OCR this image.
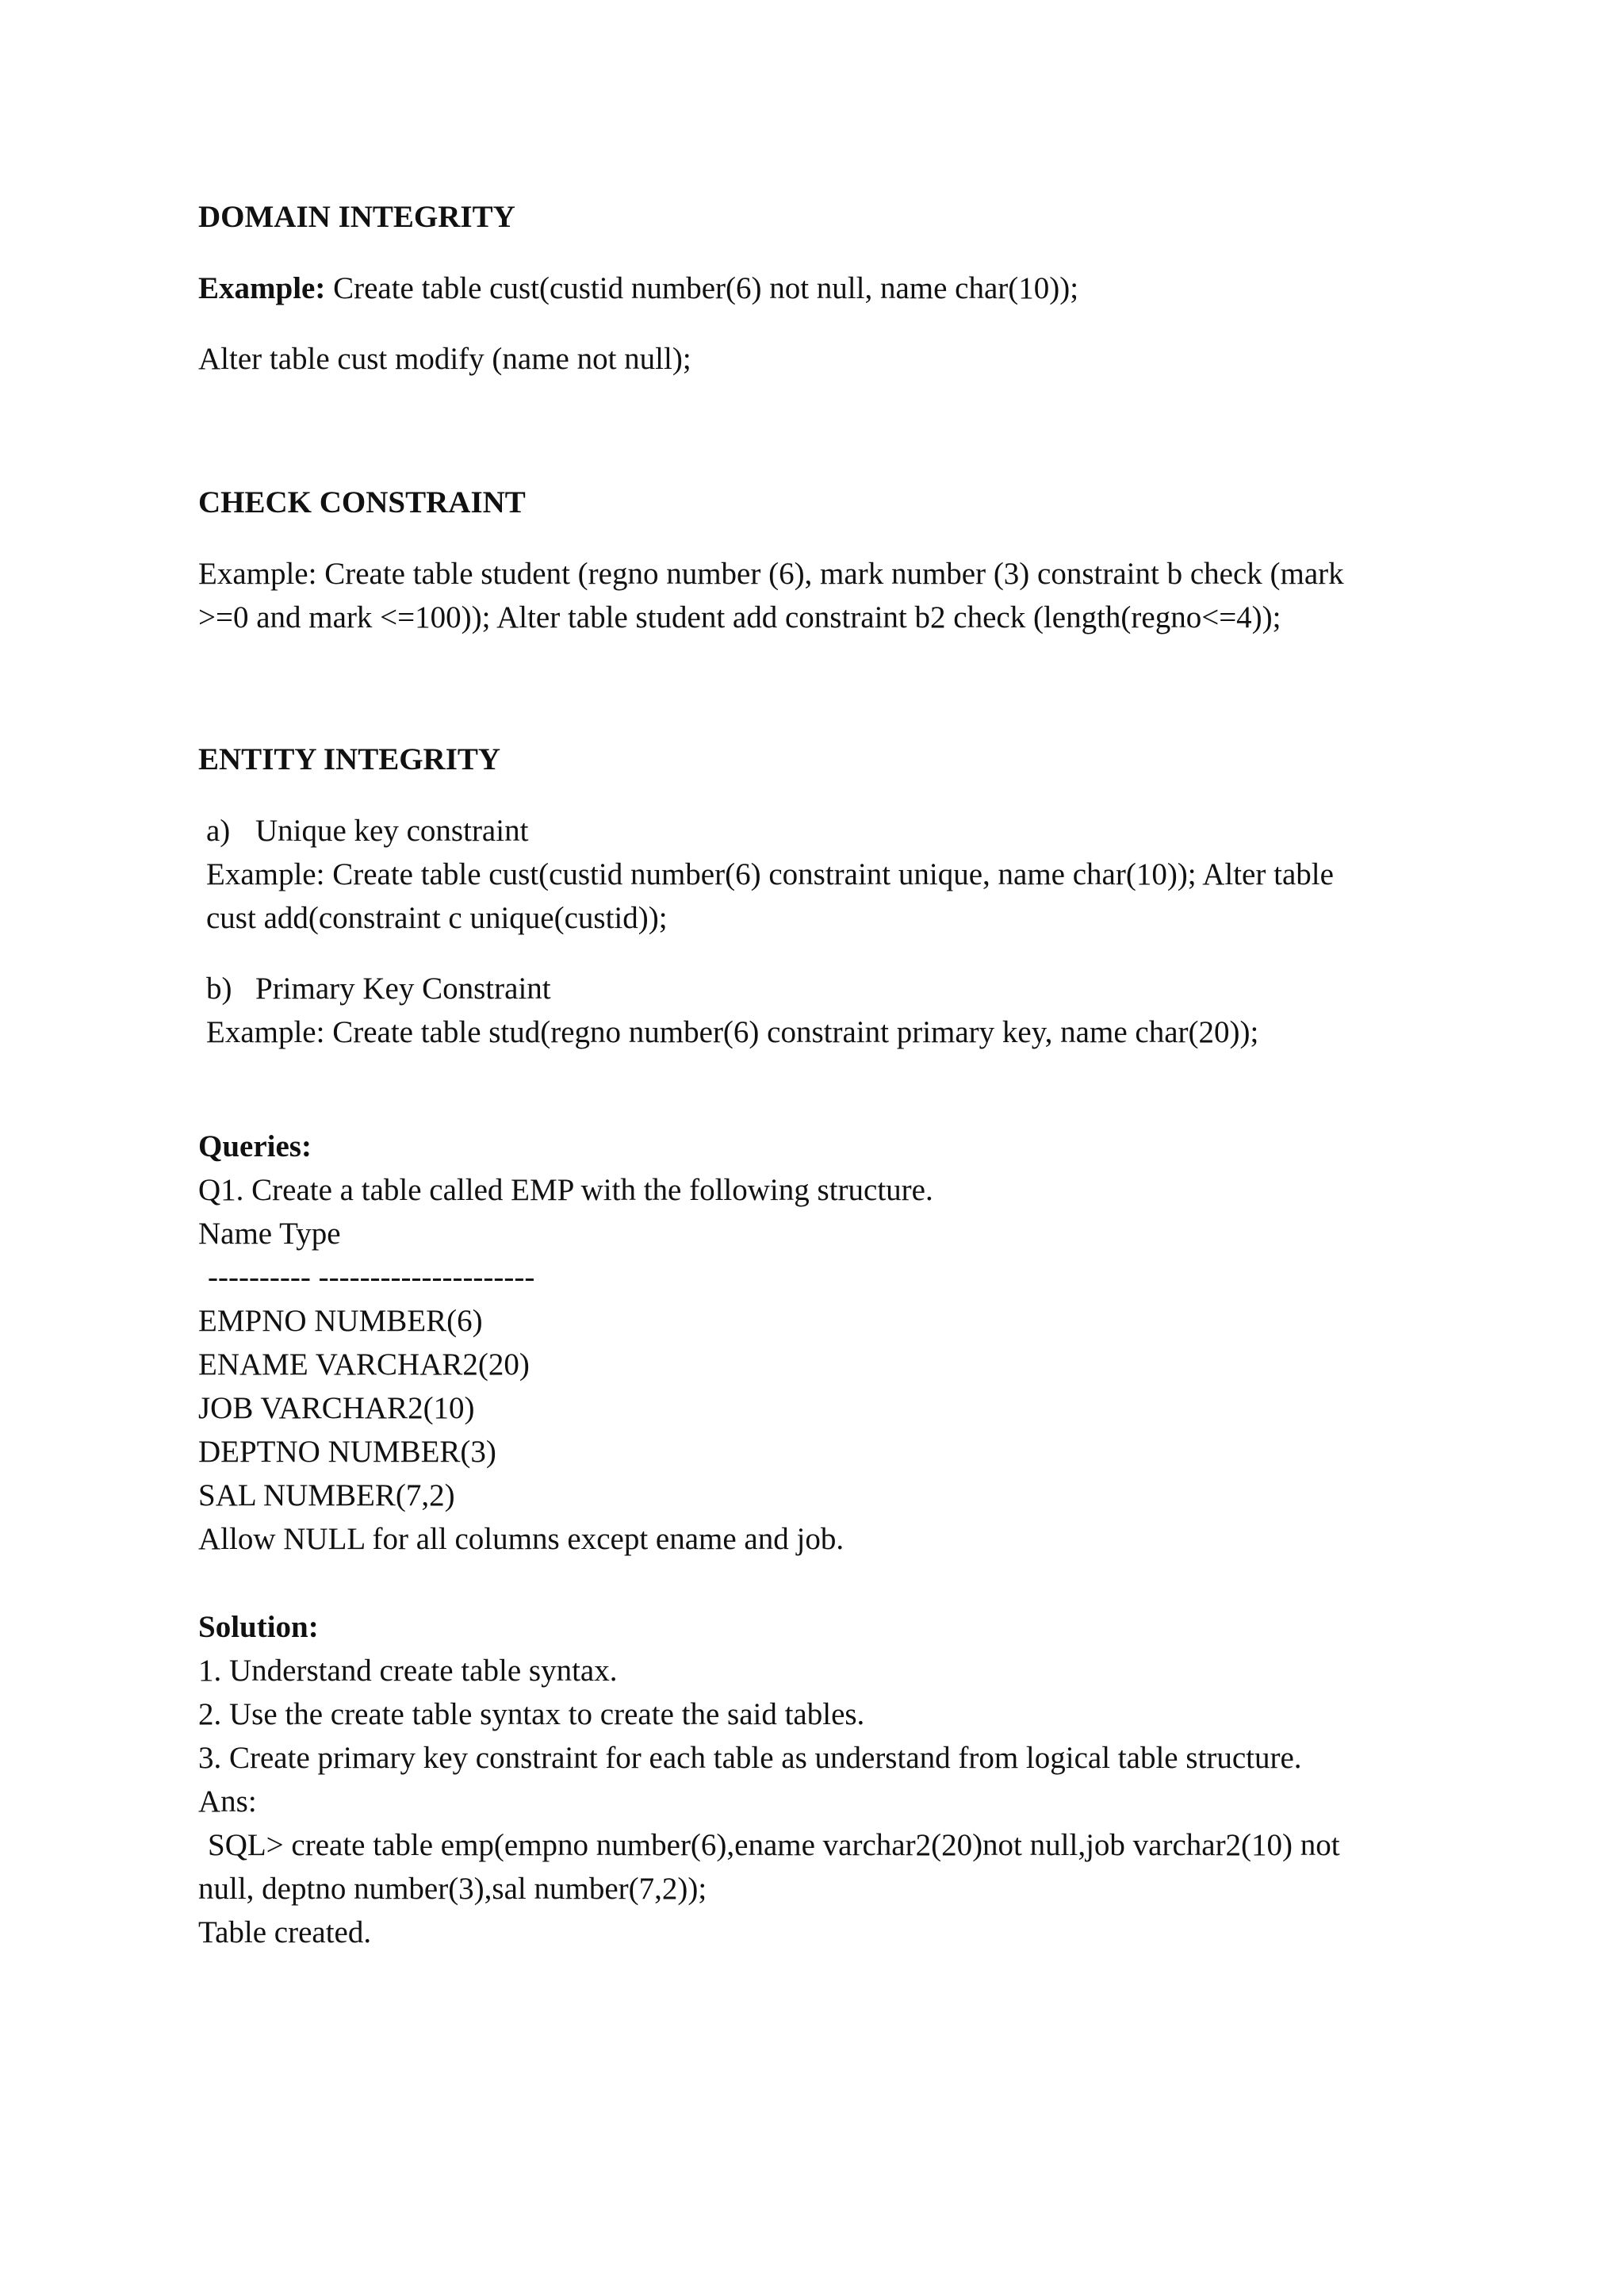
DOMAIN INTEGRITY
Example: Create table cust(custid number(6) not null, name char(10));
Alter table cust modify (name not null);
CHECK CONSTRAINT
Example: Create table student (regno number (6), mark number (3) constraint b check (mark
>=0 and mark <=100)); Alter table student add constraint b2 check (length(regno<=4));
ENTITY INTEGRITY
a) Unique key constraint
Example: Create table cust(custid number(6) constraint unique, name char(10)); Alter table
cust add(constraint c unique(custid));
b) Primary Key Constraint
Example: Create table stud(regno number(6) constraint primary key, name char(20));
Queries:
Q1. Create a table called EMP with the following structure.
Name Type
---------- ---------------------
EMPNO NUMBER(6)
ENAME VARCHAR2(20)
JOB VARCHAR2(10)
DEPTNO NUMBER(3)
SAL NUMBER(7,2)
Allow NULL for all columns except ename and job.
Solution:
1. Understand create table syntax.
2. Use the create table syntax to create the said tables.
3. Create primary key constraint for each table as understand from logical table structure.
Ans:
SQL> create table emp(empno number(6),ename varchar2(20)not null,job varchar2(10) not
null, deptno number(3),sal number(7,2));
Table created.
